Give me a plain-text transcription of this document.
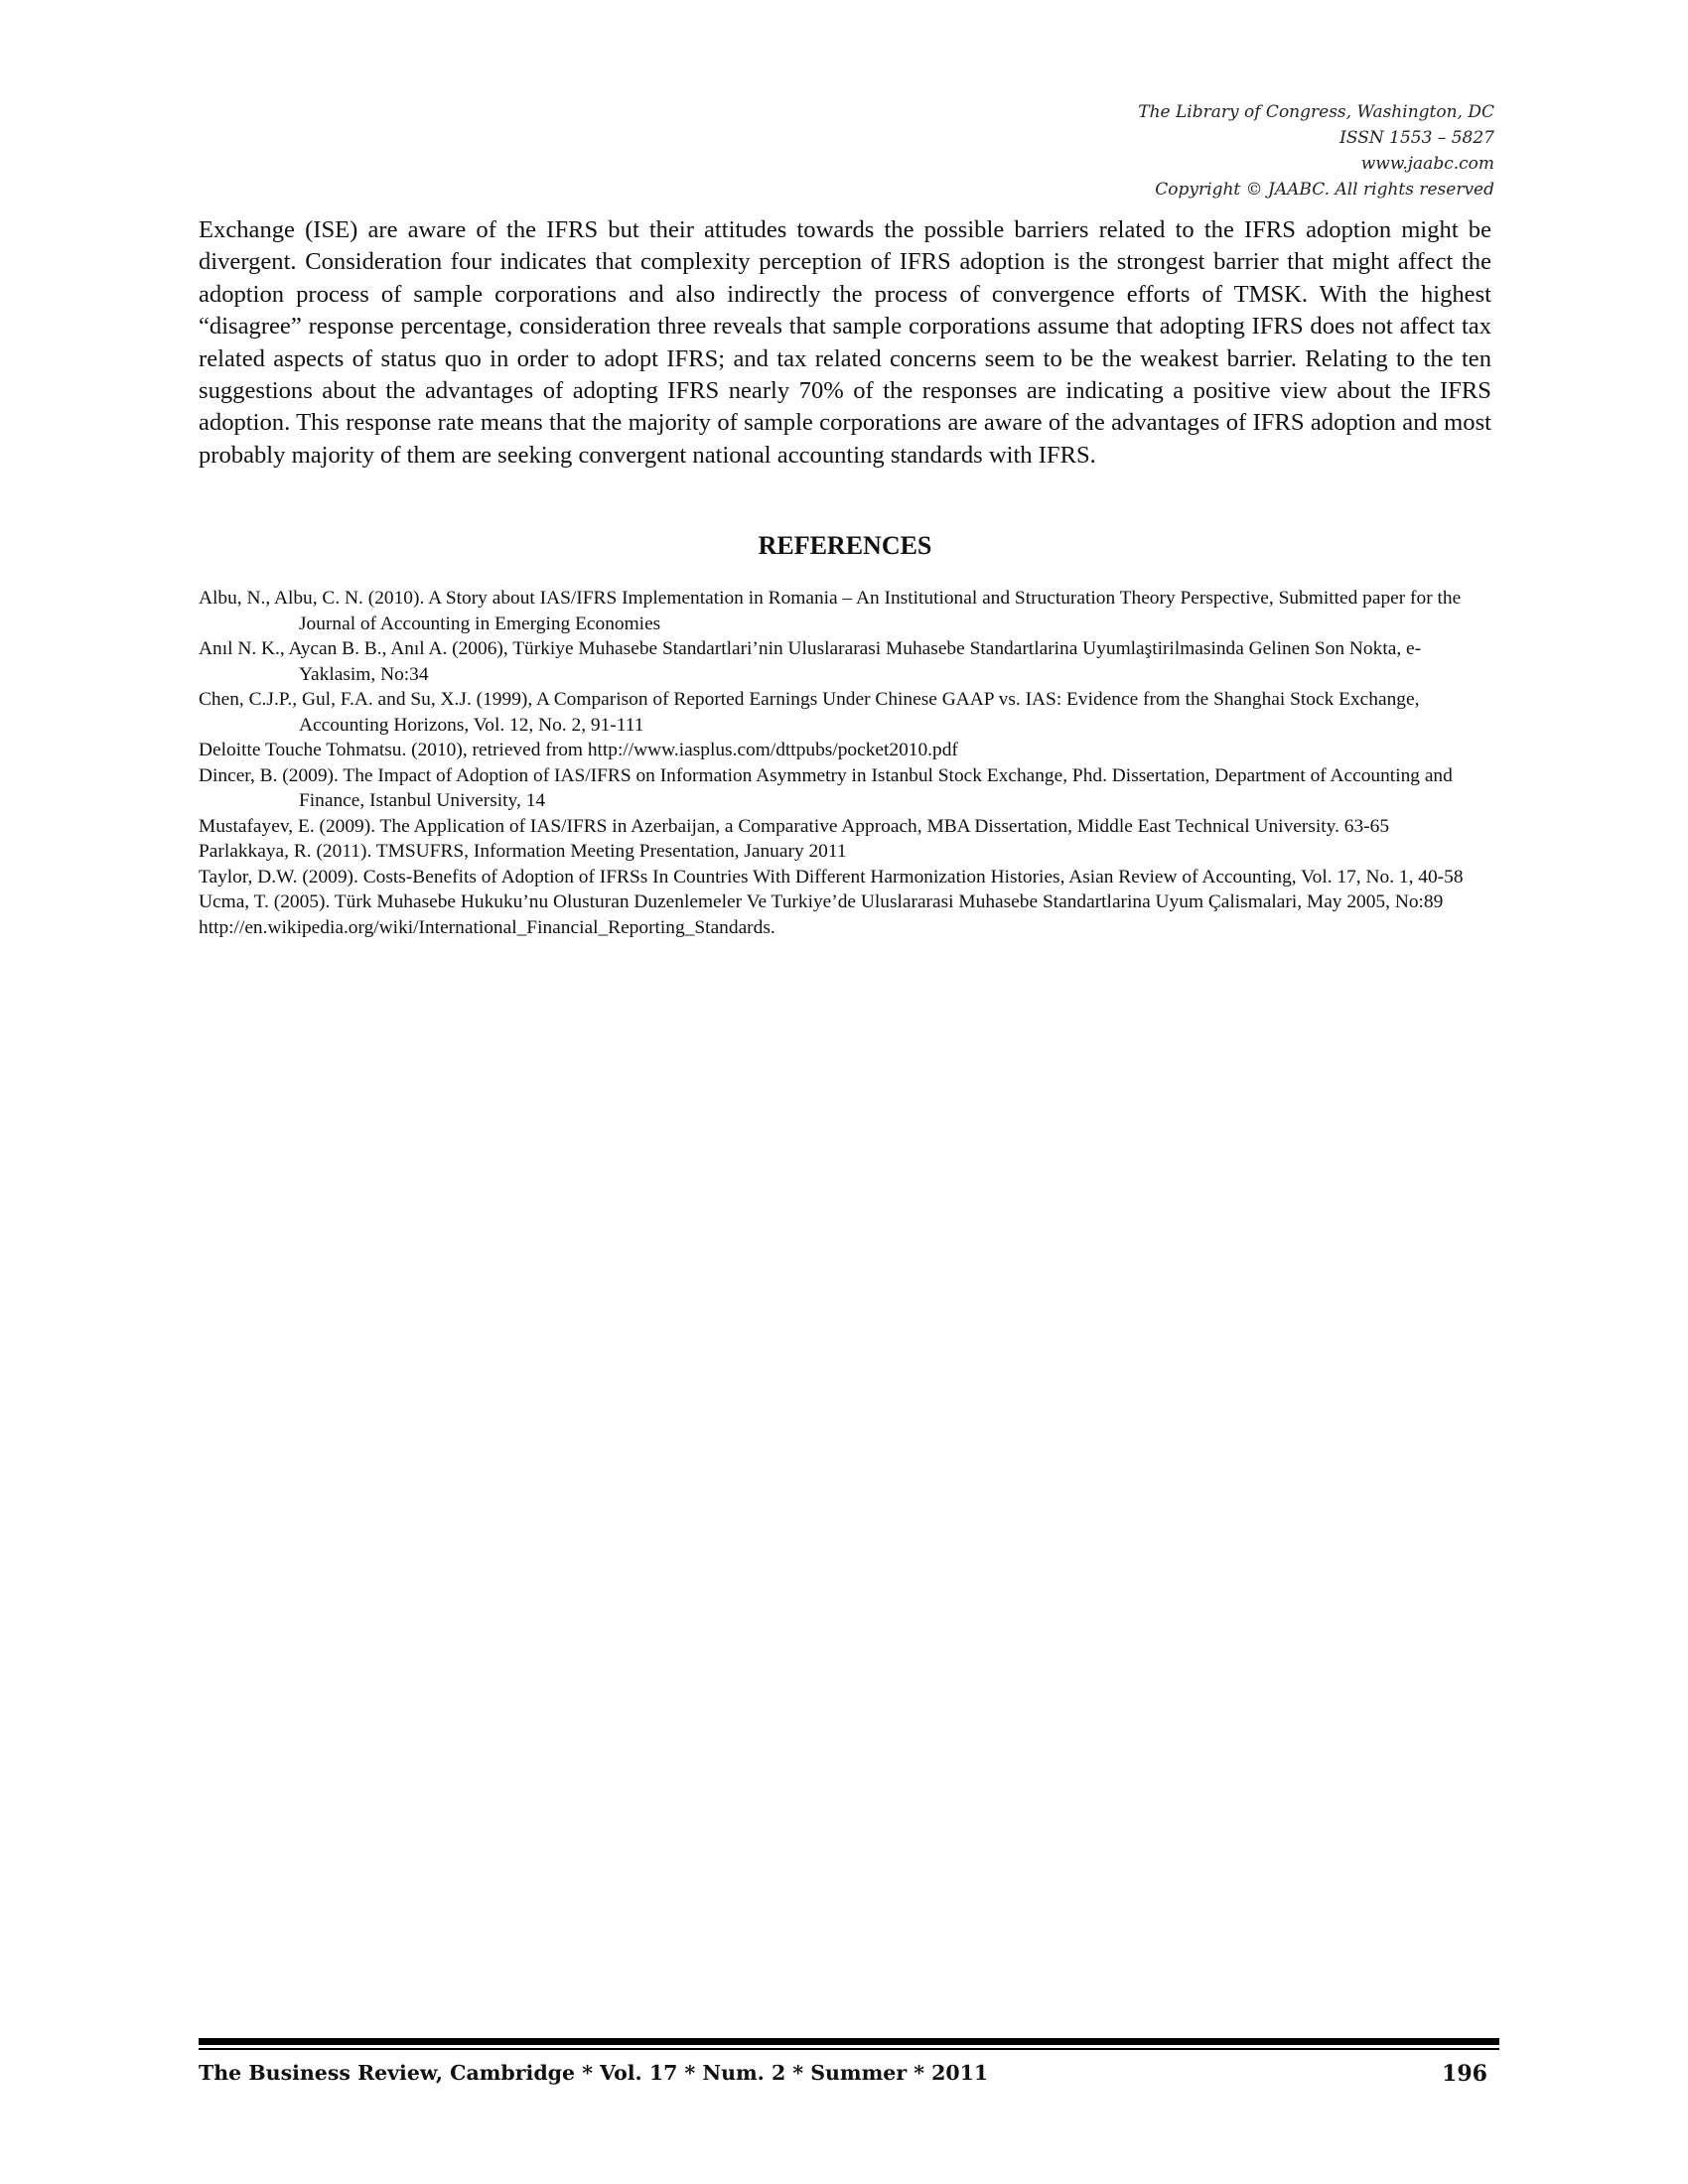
The Library of Congress, Washington, DC
ISSN 1553 – 5827
www.jaabc.com
Copyright © JAABC. All rights reserved

Exchange (ISE) are aware of the IFRS but their attitudes towards the possible barriers related to the IFRS adoption might be divergent. Consideration four indicates that complexity perception of IFRS adoption is the strongest barrier that might affect the adoption process of sample corporations and also indirectly the process of convergence efforts of TMSK. With the highest “disagree” response percentage, consideration three reveals that sample corporations assume that adopting IFRS does not affect tax related aspects of status quo in order to adopt IFRS; and tax related concerns seem to be the weakest barrier. Relating to the ten suggestions about the advantages of adopting IFRS nearly 70% of the responses are indicating a positive view about the IFRS adoption. This response rate means that the majority of sample corporations are aware of the advantages of IFRS adoption and most probably majority of them are seeking convergent national accounting standards with IFRS.

REFERENCES
Albu, N., Albu, C. N. (2010). A Story about IAS/IFRS Implementation in Romania – An Institutional and Structuration Theory Perspective, Submitted paper for the Journal of Accounting in Emerging Economies
Anıl N. K., Aycan B. B., Anıl A. (2006), Türkiye Muhasebe Standartlari’nin Uluslararasi Muhasebe Standartlarina Uyumlaştirilmasinda Gelinen Son Nokta, e-Yaklasim, No:34
Chen, C.J.P., Gul, F.A. and Su, X.J. (1999), A Comparison of Reported Earnings Under Chinese GAAP vs. IAS: Evidence from the Shanghai Stock Exchange, Accounting Horizons, Vol. 12, No. 2, 91-111
Deloitte Touche Tohmatsu. (2010), retrieved from http://www.iasplus.com/dttpubs/pocket2010.pdf
Dincer, B. (2009). The Impact of Adoption of IAS/IFRS on Information Asymmetry in Istanbul Stock Exchange, Phd. Dissertation, Department of Accounting and Finance, Istanbul University, 14
Mustafayev, E. (2009). The Application of IAS/IFRS in Azerbaijan, a Comparative Approach, MBA Dissertation, Middle East Technical University. 63-65
Parlakkaya, R. (2011). TMSUFRS, Information Meeting Presentation, January 2011
Taylor, D.W. (2009). Costs-Benefits of Adoption of IFRSs In Countries With Different Harmonization Histories, Asian Review of Accounting, Vol. 17, No. 1, 40-58
Ucma, T. (2005). Türk Muhasebe Hukuku’nu Olusturan Duzenlemeler Ve Turkiye’de Uluslararasi Muhasebe Standartlarina Uyum Çalismalari, May 2005, No:89
http://en.wikipedia.org/wiki/International_Financial_Reporting_Standards.
The Business Review, Cambridge * Vol. 17 * Num. 2 * Summer * 2011	196
